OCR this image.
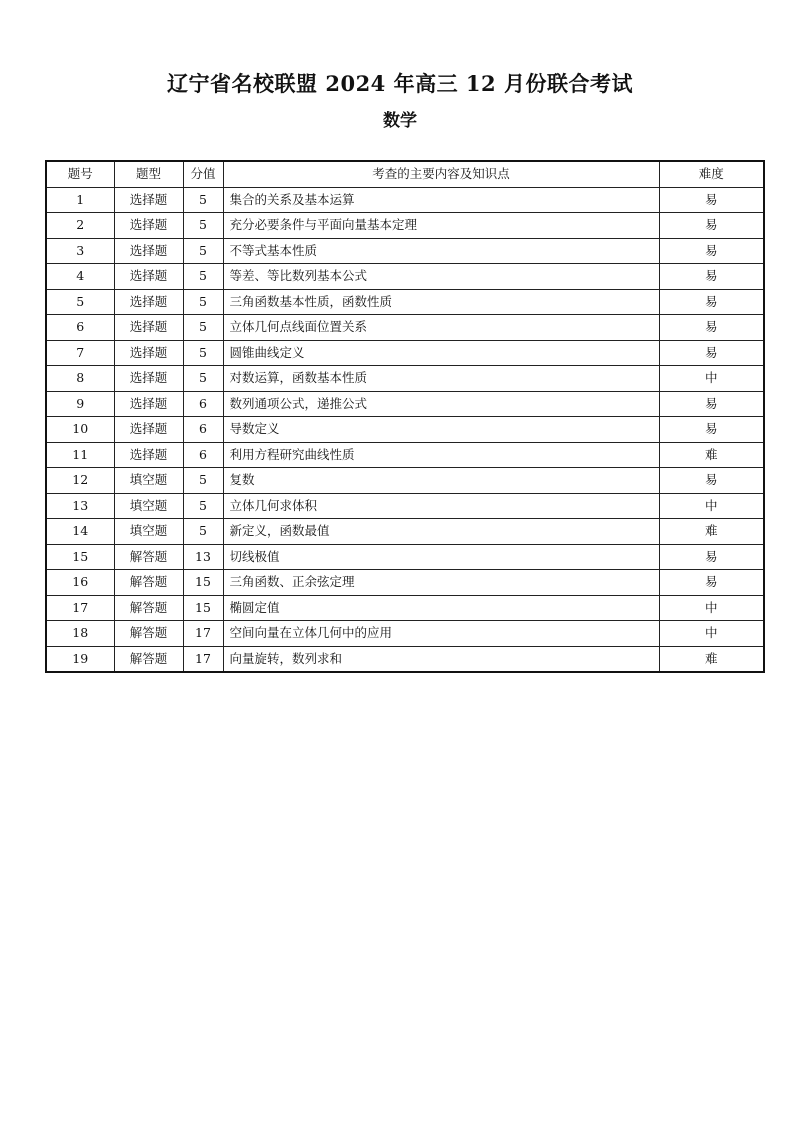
辽宁省名校联盟 2024 年高三 12 月份联合考试
数学
题号	题型	分值	考查的主要内容及知识点	难度
1	选择题	5	集合的关系及基本运算	易
2	选择题	5	充分必要条件与平面向量基本定理	易
3	选择题	5	不等式基本性质	易
4	选择题	5	等差、等比数列基本公式	易
5	选择题	5	三角函数基本性质，函数性质	易
6	选择题	5	立体几何点线面位置关系	易
7	选择题	5	圆锥曲线定义	易
8	选择题	5	对数运算，函数基本性质	中
9	选择题	6	数列通项公式，递推公式	易
10	选择题	6	导数定义	易
11	选择题	6	利用方程研究曲线性质	难
12	填空题	5	复数	易
13	填空题	5	立体几何求体积	中
14	填空题	5	新定义，函数最值	难
15	解答题	13	切线极值	易
16	解答题	15	三角函数、正余弦定理	易
17	解答题	15	椭圆定值	中
18	解答题	17	空间向量在立体几何中的应用	中
19	解答题	17	向量旋转，数列求和	难
